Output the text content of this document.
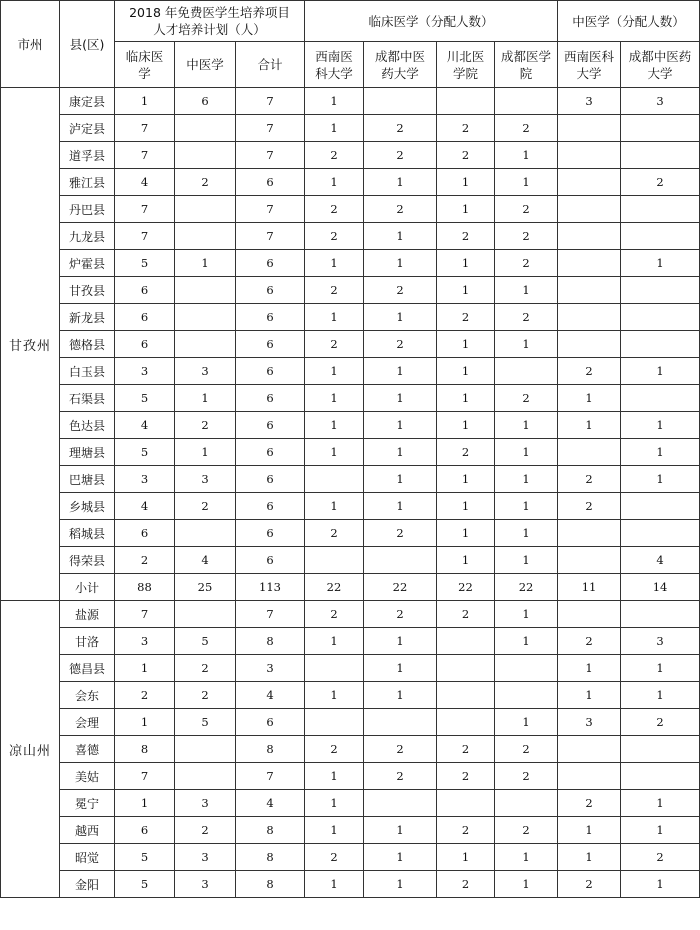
市州	县(区)	2018 年免费医学生培养项目人才培养计划（人）			临床医学（分配人数）				中医学（分配人数）	
		临床医学	中医学	合计	西南医科大学	成都中医药大学	川北医学院	成都医学院	西南医科大学	成都中医药大学
甘孜州	康定县	1	6	7	1				3	3
	泸定县	7		7	1	2	2	2		
	道孚县	7		7	2	2	2	1		
	雅江县	4	2	6	1	1	1	1		2
	丹巴县	7		7	2	2	1	2		
	九龙县	7		7	2	1	2	2		
	炉霍县	5	1	6	1	1	1	2		1
	甘孜县	6		6	2	2	1	1		
	新龙县	6		6	1	1	2	2		
	德格县	6		6	2	2	1	1		
	白玉县	3	3	6	1	1	1		2	1
	石渠县	5	1	6	1	1	1	2	1	
	色达县	4	2	6	1	1	1	1	1	1
	理塘县	5	1	6	1	1	2	1		1
	巴塘县	3	3	6		1	1	1	2	1
	乡城县	4	2	6	1	1	1	1	2	
	稻城县	6		6	2	2	1	1		
	得荣县	2	4	6			1	1		4
	小计	88	25	113	22	22	22	22	11	14
凉山州	盐源	7		7	2	2	2	1		
	甘洛	3	5	8	1	1		1	2	3
	德昌县	1	2	3		1			1	1
	会东	2	2	4	1	1			1	1
	会理	1	5	6				1	3	2
	喜德	8		8	2	2	2	2		
	美姑	7		7	1	2	2	2		
	冕宁	1	3	4	1				2	1
	越西	6	2	8	1	1	2	2	1	1
	昭觉	5	3	8	2	1	1	1	1	2
	金阳	5	3	8	1	1	2	1	2	1
